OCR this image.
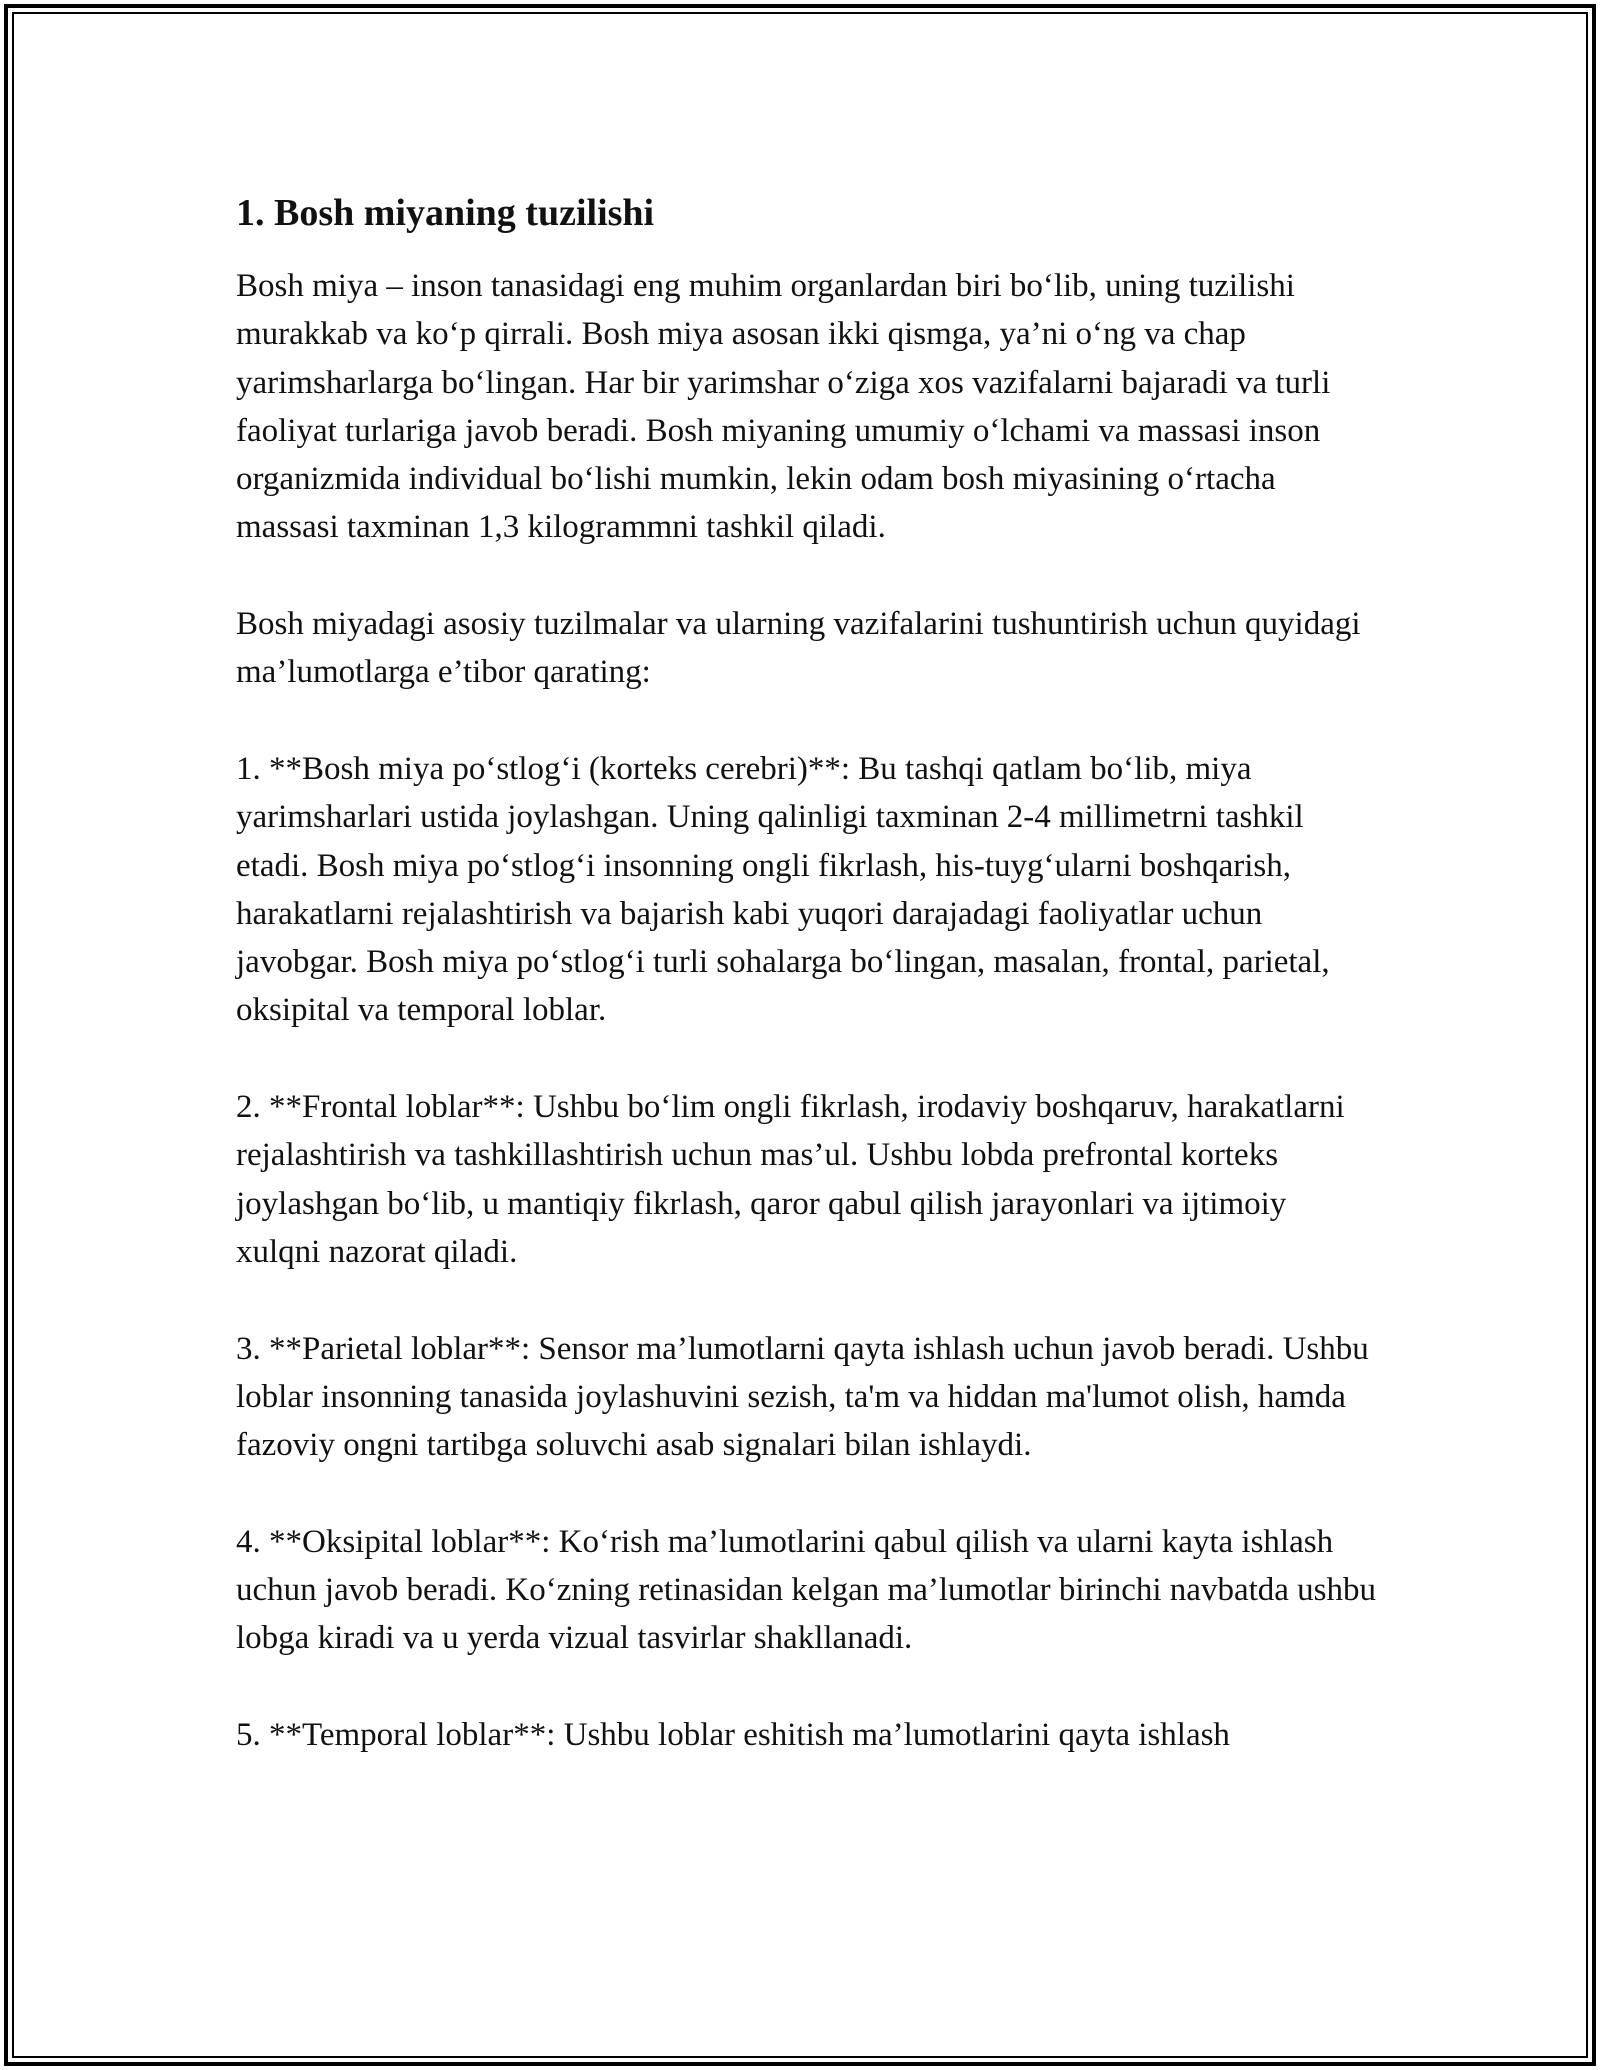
1. Bosh miyaning tuzilishi

Bosh miya – inson tanasidagi eng muhim organlardan biri bo‘lib, uning tuzilishi murakkab va ko‘p qirrali. Bosh miya asosan ikki qismga, ya’ni o‘ng va chap yarimsharlarga bo‘lingan. Har bir yarimshar o‘ziga xos vazifalarni bajaradi va turli faoliyat turlariga javob beradi. Bosh miyaning umumiy o‘lchami va massasi inson organizmida individual bo‘lishi mumkin, lekin odam bosh miyasining o‘rtacha massasi taxminan 1,3 kilogrammni tashkil qiladi.

Bosh miyadagi asosiy tuzilmalar va ularning vazifalarini tushuntirish uchun quyidagi ma’lumotlarga e’tibor qarating:

1. **Bosh miya po‘stlog‘i (korteks cerebri)**: Bu tashqi qatlam bo‘lib, miya yarimsharlari ustida joylashgan. Uning qalinligi taxminan 2-4 millimetrni tashkil etadi. Bosh miya po‘stlog‘i insonning ongli fikrlash, his-tuyg‘ularni boshqarish, harakatlarni rejalashtirish va bajarish kabi yuqori darajadagi faoliyatlar uchun javobgar. Bosh miya po‘stlog‘i turli sohalarga bo‘lingan, masalan, frontal, parietal, oksipital va temporal loblar.

2. **Frontal loblar**: Ushbu bo‘lim ongli fikrlash, irodaviy boshqaruv, harakatlarni rejalashtirish va tashkillashtirish uchun mas’ul. Ushbu lobda prefrontal korteks joylashgan bo‘lib, u mantiqiy fikrlash, qaror qabul qilish jarayonlari va ijtimoiy xulqni nazorat qiladi.

3. **Parietal loblar**: Sensor ma’lumotlarni qayta ishlash uchun javob beradi. Ushbu loblar insonning tanasida joylashuvini sezish, ta'm va hiddan ma'lumot olish, hamda fazoviy ongni tartibga soluvchi asab signalari bilan ishlaydi.

4. **Oksipital loblar**: Ko‘rish ma’lumotlarini qabul qilish va ularni kayta ishlash uchun javob beradi. Ko‘zning retinasidan kelgan ma’lumotlar birinchi navbatda ushbu lobga kiradi va u yerda vizual tasvirlar shakllanadi.

5. **Temporal loblar**: Ushbu loblar eshitish ma’lumotlarini qayta ishlash
